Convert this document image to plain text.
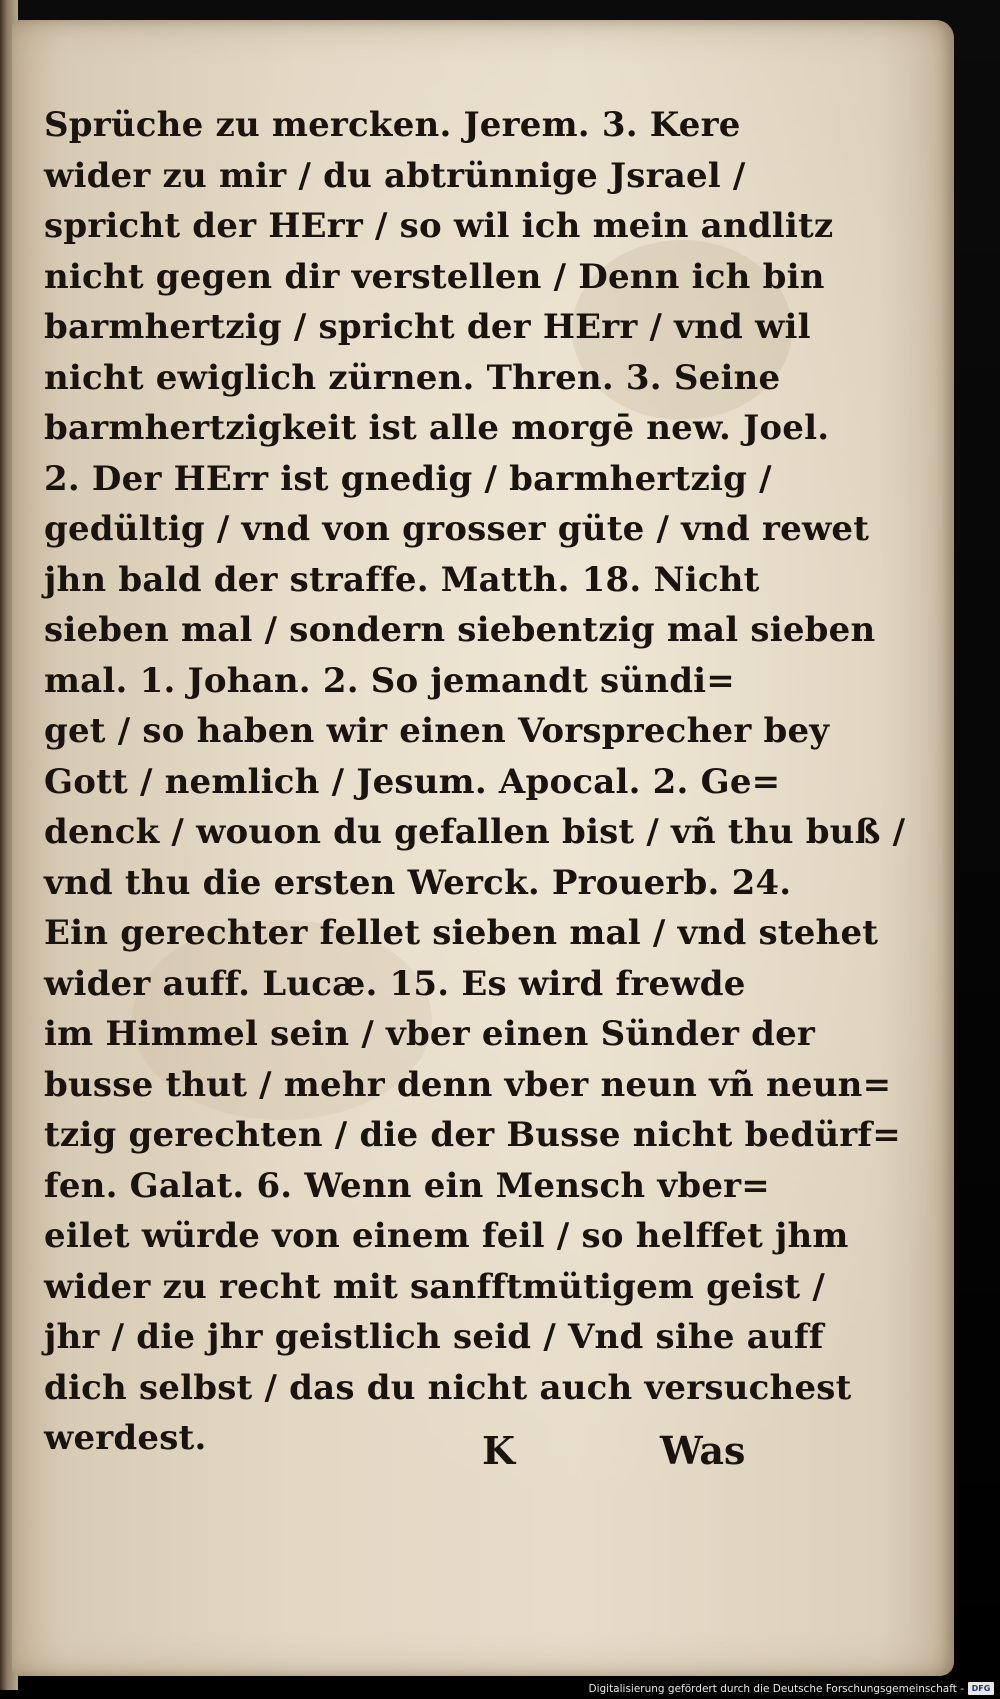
Sprüche zu mercken. Jerem. 3. Kere
wider zu mir / du abtrünnige Jsrael /
spricht der HErr / so wil ich mein andlitz
nicht gegen dir verstellen / Denn ich bin
barmhertzig / spricht der HErr / vnd wil
nicht ewiglich zürnen. Thren. 3. Seine
barmhertzigkeit ist alle morgē new. Joel.
2. Der HErr ist gnedig / barmhertzig /
gedültig / vnd von grosser güte / vnd rewet
jhn bald der straffe. Matth. 18. Nicht
sieben mal / sondern siebentzig mal sieben
mal. 1. Johan. 2. So jemandt sündi=
get / so haben wir einen Vorsprecher bey
Gott / nemlich / Jesum. Apocal. 2. Ge=
denck / wouon du gefallen bist / vñ thu buß /
vnd thu die ersten Werck. Prouerb. 24.
Ein gerechter fellet sieben mal / vnd stehet
wider auff. Lucæ. 15. Es wird frewde
im Himmel sein / vber einen Sünder der
busse thut / mehr denn vber neun vñ neun=
tzig gerechten / die der Busse nicht bedürf=
fen. Galat. 6. Wenn ein Mensch vber=
eilet würde von einem feil / so helffet jhm
wider zu recht mit sanfftmütigem geist /
jhr / die jhr geistlich seid / Vnd sihe auff
dich selbst / das du nicht auch versuchest
werdest.	K	Was
Digitalisierung gefördert durch die Deutsche Forschungsgemeinschaft - DFG
